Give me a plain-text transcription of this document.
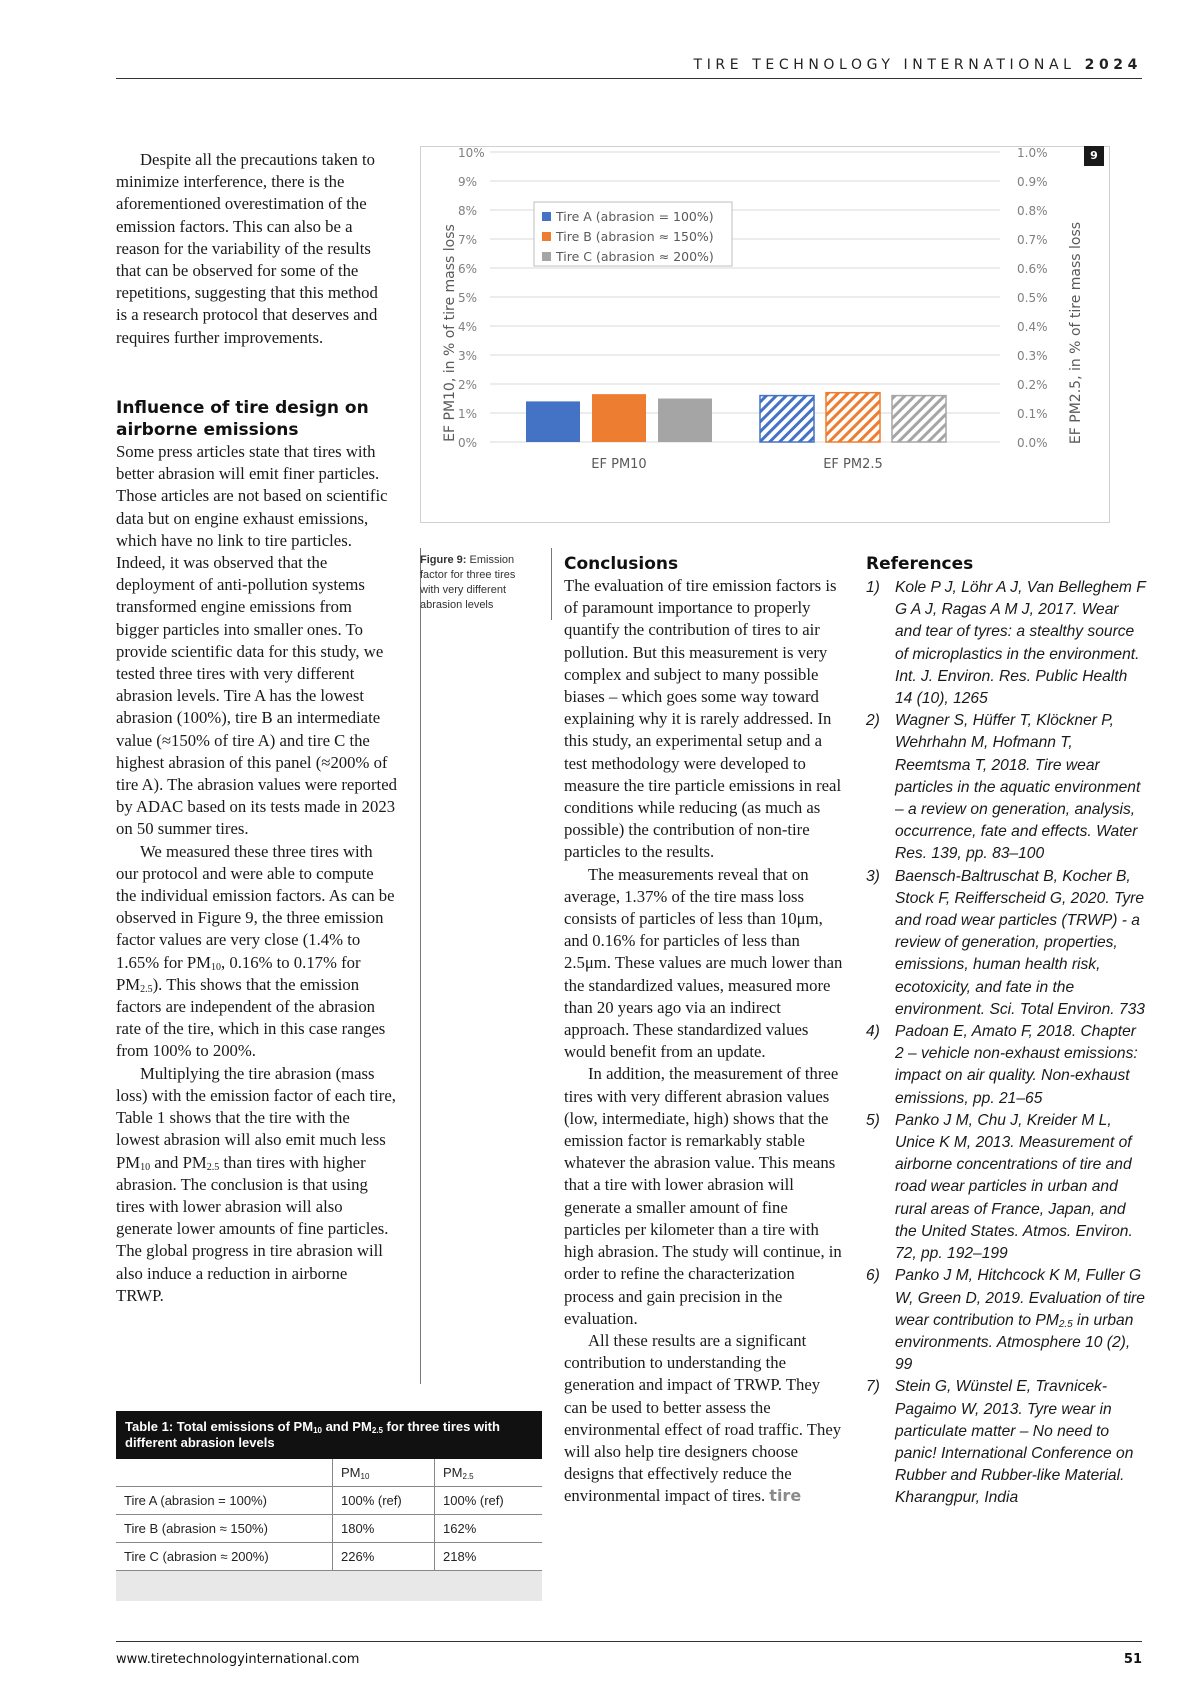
TIRE TECHNOLOGY INTERNATIONAL 2024

Despite all the precautions taken to minimize interference, there is the aforementioned overestimation of the emission factors. This can also be a reason for the variability of the results that can be observed for some of the repetitions, suggesting that this method is a research protocol that deserves and requires further improvements.

Influence of tire design on airborne emissions

Some press articles state that tires with better abrasion will emit finer particles. Those articles are not based on scientific data but on engine exhaust emissions, which have no link to tire particles. Indeed, it was observed that the deployment of anti-pollution systems transformed engine emissions from bigger particles into smaller ones. To provide scientific data for this study, we tested three tires with very different abrasion levels. Tire A has the lowest abrasion (100%), tire B an intermediate value (≈150% of tire A) and tire C the highest abrasion of this panel (≈200% of tire A). The abrasion values were reported by ADAC based on its tests made in 2023 on 50 summer tires.

We measured these three tires with our protocol and were able to compute the individual emission factors. As can be observed in Figure 9, the three emission factor values are very close (1.4% to 1.65% for $PM_{10}$, 0.16% to 0.17% for $PM_{2.5}$). This shows that the emission factors are independent of the abrasion rate of the tire, which in this case ranges from 100% to 200%.

Multiplying the tire abrasion (mass loss) with the emission factor of each tire, Table 1 shows that the tire with the lowest abrasion will also emit much less $PM_{10}$ and $PM_{2.5}$ than tires with higher abrasion. The conclusion is that using tires with lower abrasion will also generate lower amounts of fine particles. The global progress in tire abrasion will also induce a reduction in airborne TRWP.

0%
1%
2%
3%
4%
5%
6%
7%
8%
9%
10%
0.0%
0.1%
0.2%
0.3%
0.4%
0.5%
0.6%
0.7%
0.8%
0.9%
1.0%
EF PM10	EF PM2.5
EF PM10, in % of tire mass loss	EF PM2.5, in % of tire mass loss
Tire A (abrasion = 100%)
Tire B (abrasion ≈ 150%)
Tire C (abrasion ≈ 200%)
9
Figure 9: Emission factor for three tires with very different abrasion levels
Table 1: Total emissions of $PM_{10}$ and $PM_{2.5}$ for three tires with different abrasion levels
	$PM_{10}$	$PM_{2.5}$
Tire A (abrasion = 100%)	100% (ref)	100% (ref)
Tire B (abrasion ≈ 150%)	180%	162%
Tire C (abrasion ≈ 200%)	226%	218%
Conclusions

The evaluation of tire emission factors is of paramount importance to properly quantify the contribution of tires to air pollution. But this measurement is very complex and subject to many possible biases – which goes some way toward explaining why it is rarely addressed. In this study, an experimental setup and a test methodology were developed to measure the tire particle emissions in real conditions while reducing (as much as possible) the contribution of non-tire particles to the results.

The measurements reveal that on average, 1.37% of the tire mass loss consists of particles of less than 10μm, and 0.16% for particles of less than 2.5μm. These values are much lower than the standardized values, measured more than 20 years ago via an indirect approach. These standardized values would benefit from an update.

In addition, the measurement of three tires with very different abrasion values (low, intermediate, high) shows that the emission factor is remarkably stable whatever the abrasion value. This means that a tire with lower abrasion will generate a smaller amount of fine particles per kilometer than a tire with high abrasion. The study will continue, in order to refine the characterization process and gain precision in the evaluation.

All these results are a significant contribution to understanding the generation and impact of TRWP. They can be used to better assess the environmental effect of road traffic. They will also help tire designers choose designs that effectively reduce the environmental impact of tires. tire

References
1) Kole P J, Löhr A J, Van Belleghem F G A J, Ragas A M J, 2017. Wear and tear of tyres: a stealthy source of microplastics in the environment. Int. J. Environ. Res. Public Health 14 (10), 1265
2) Wagner S, Hüffer T, Klöckner P, Wehrhahn M, Hofmann T, Reemtsma T, 2018. Tire wear particles in the aquatic environment – a review on generation, analysis, occurrence, fate and effects. Water Res. 139, pp. 83–100
3) Baensch-Baltruschat B, Kocher B, Stock F, Reifferscheid G, 2020. Tyre and road wear particles (TRWP) - a review of generation, properties, emissions, human health risk, ecotoxicity, and fate in the environment. Sci. Total Environ. 733
4) Padoan E, Amato F, 2018. Chapter 2 – vehicle non-exhaust emissions: impact on air quality. Non-exhaust emissions, pp. 21–65
5) Panko J M, Chu J, Kreider M L, Unice K M, 2013. Measurement of airborne concentrations of tire and road wear particles in urban and rural areas of France, Japan, and the United States. Atmos. Environ. 72, pp. 192–199
6) Panko J M, Hitchcock K M, Fuller G W, Green D, 2019. Evaluation of tire wear contribution to $PM_{2.5}$ in urban environments. Atmosphere 10 (2), 99
7) Stein G, Wünstel E, Travnicek-Pagaimo W, 2013. Tyre wear in particulate matter – No need to panic! International Conference on Rubber and Rubber-like Material. Kharangpur, India
www.tiretechnologyinternational.com	51
